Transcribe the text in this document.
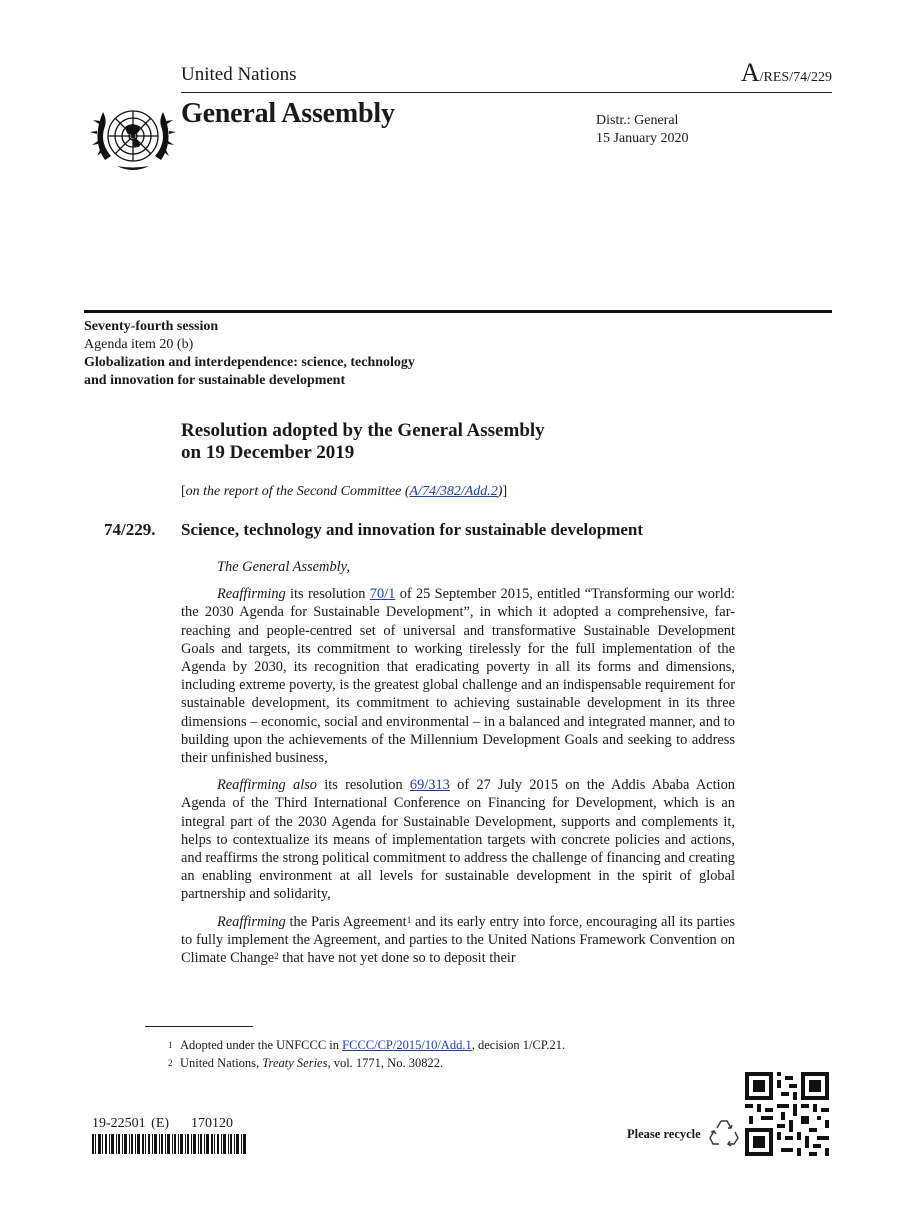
United Nations	A/RES/74/229
General Assembly	Distr.: General
15 January 2020
Seventy-fourth session
Agenda item 20 (b)
Globalization and interdependence: science, technology
and innovation for sustainable development
Resolution adopted by the General Assembly
on 19 December 2019
[on the report of the Second Committee (A/74/382/Add.2)]
74/229. Science, technology and innovation for sustainable development

The General Assembly,

Reaffirming its resolution 70/1 of 25 September 2015, entitled “Transforming our world: the 2030 Agenda for Sustainable Development”, in which it adopted a comprehensive, far-reaching and people-centred set of universal and transformative Sustainable Development Goals and targets, its commitment to working tirelessly for the full implementation of the Agenda by 2030, its recognition that eradicating poverty in all its forms and dimensions, including extreme poverty, is the greatest global challenge and an indispensable requirement for sustainable development, its commitment to achieving sustainable development in its three dimensions – economic, social and environmental – in a balanced and integrated manner, and to building upon the achievements of the Millennium Development Goals and seeking to address their unfinished business,

Reaffirming also its resolution 69/313 of 27 July 2015 on the Addis Ababa Action Agenda of the Third International Conference on Financing for Development, which is an integral part of the 2030 Agenda for Sustainable Development, supports and complements it, helps to contextualize its means of implementation targets with concrete policies and actions, and reaffirms the strong political commitment to address the challenge of financing and creating an enabling environment at all levels for sustainable development in the spirit of global partnership and solidarity,

Reaffirming the Paris Agreement$^1$ and its early entry into force, encouraging all its parties to fully implement the Agreement, and parties to the United Nations Framework Convention on Climate Change$^2$ that have not yet done so to deposit their

1 Adopted under the UNFCCC in FCCC/CP/2015/10/Add.1, decision 1/CP.21.
2 United Nations, Treaty Series, vol. 1771, No. 30822.
19-22501 (E)    170120
Please recycle
